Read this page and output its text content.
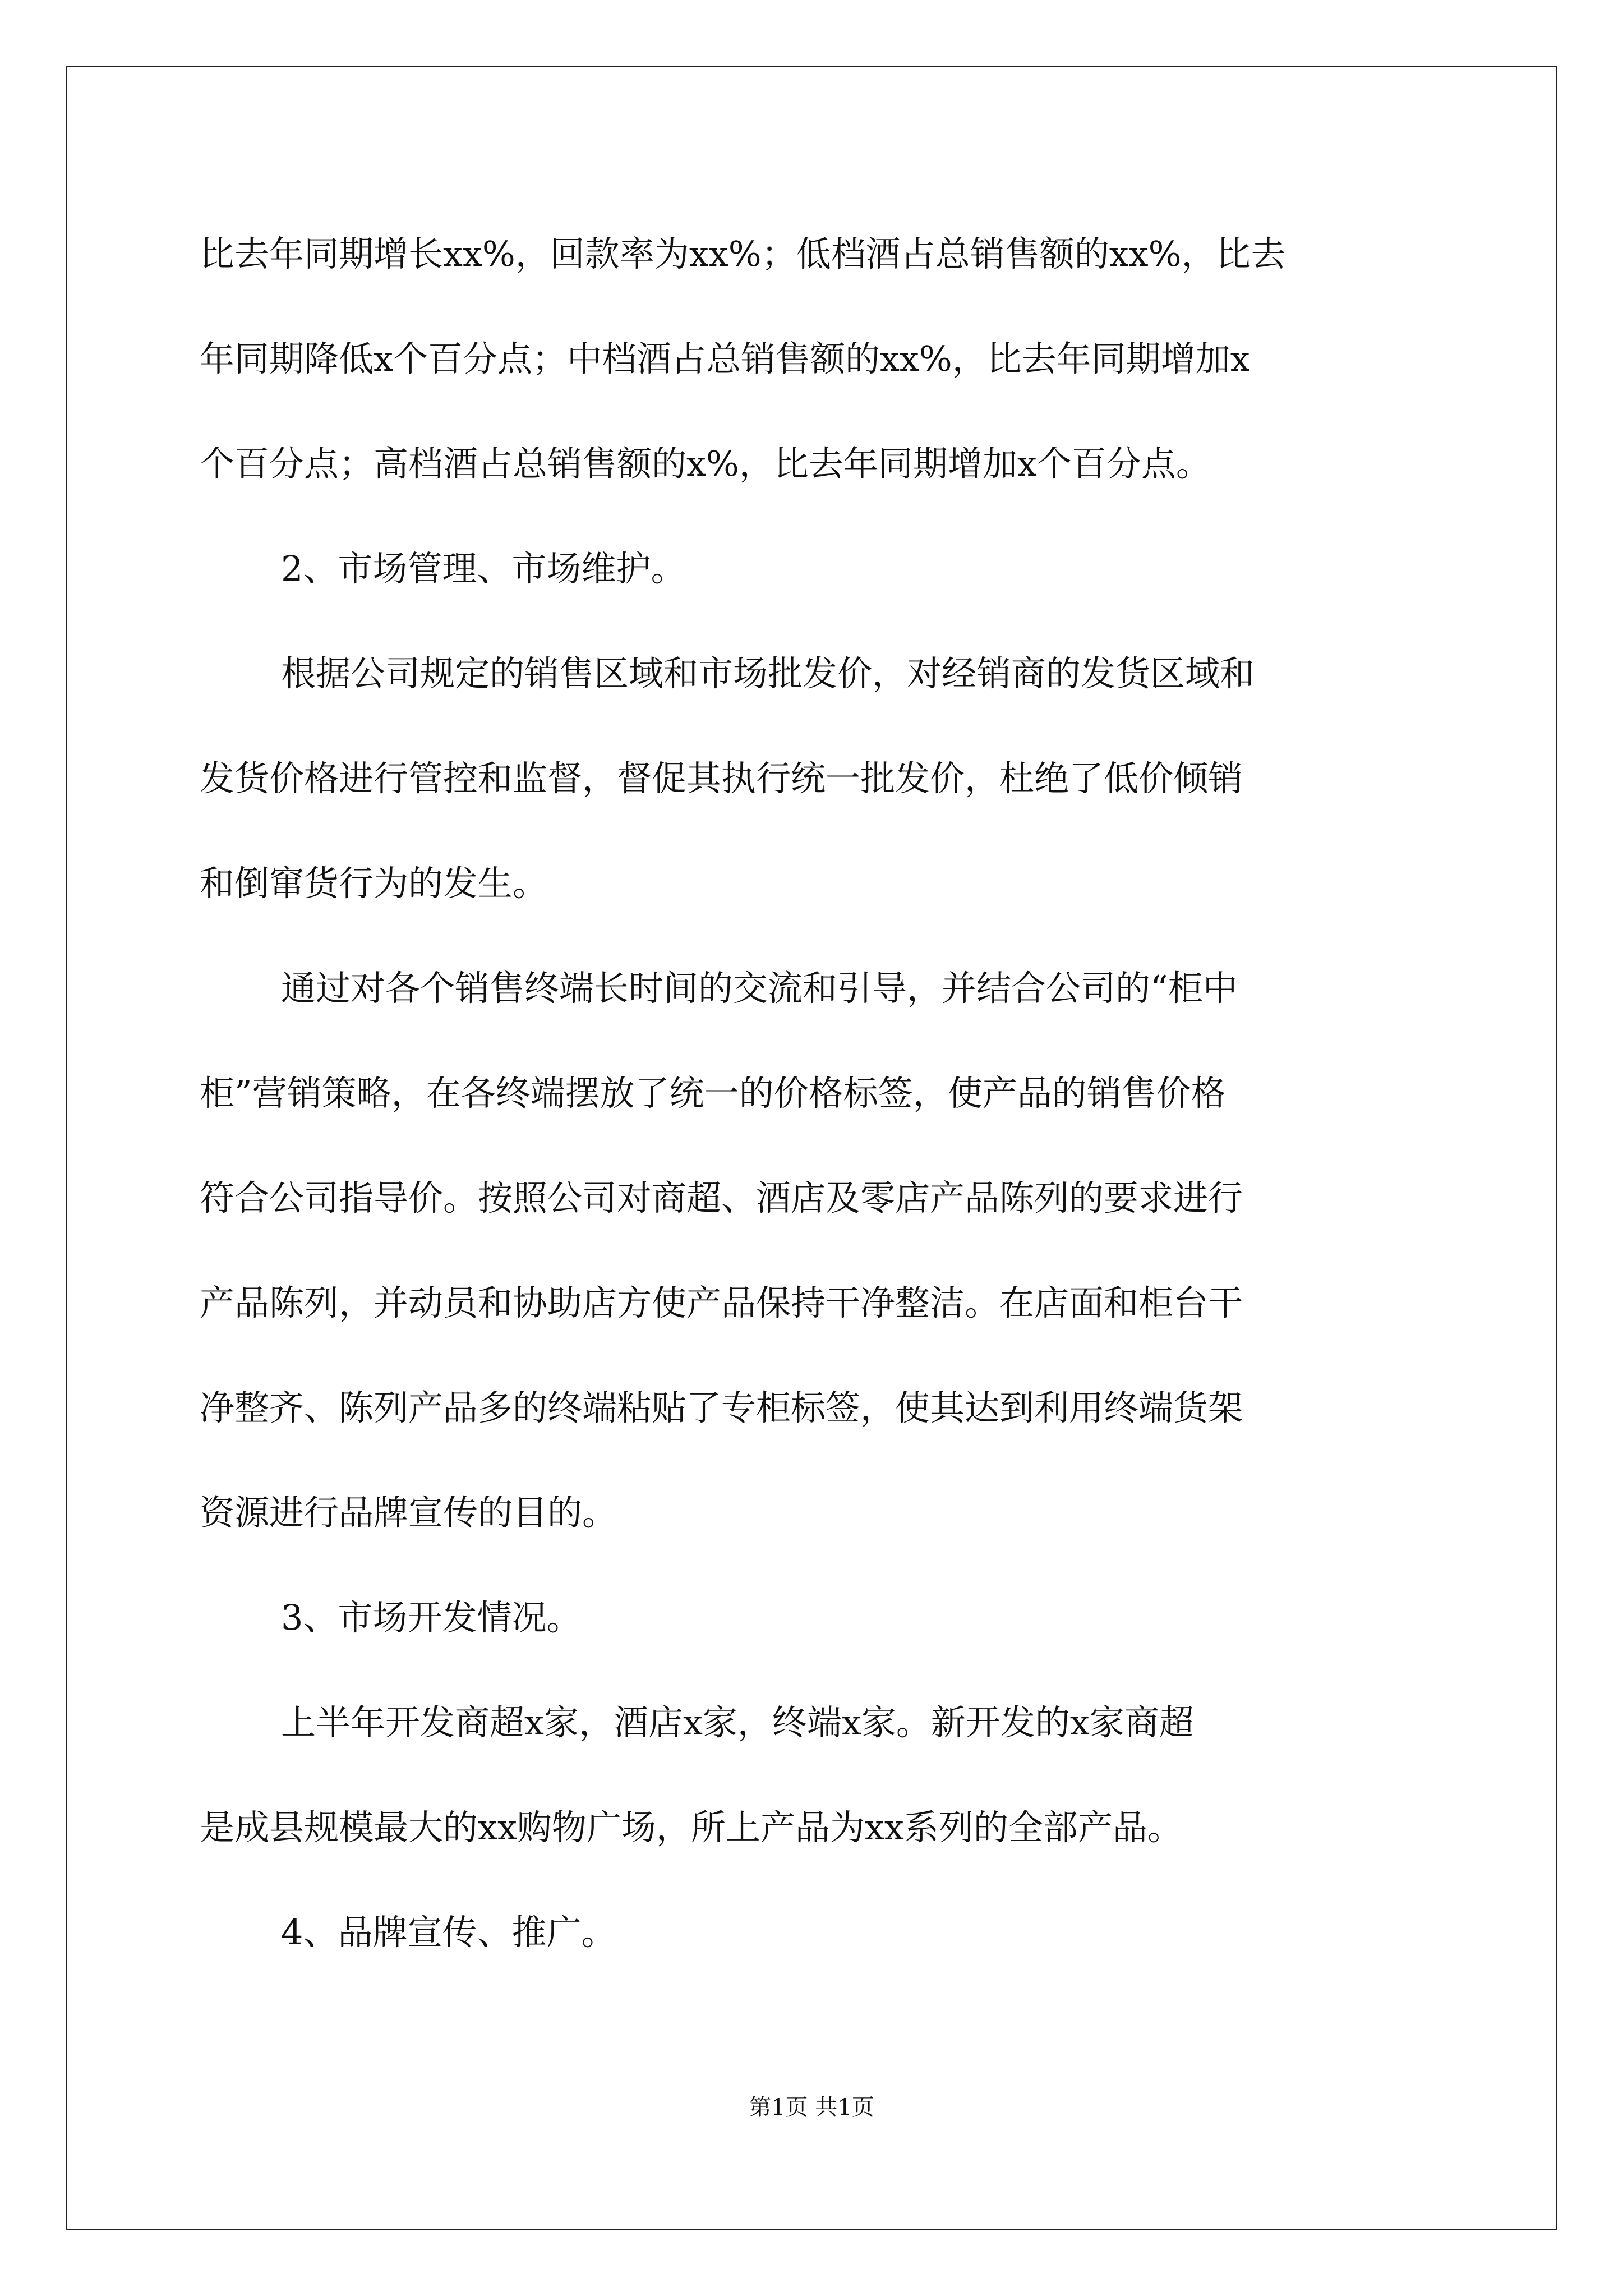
比去年同期增长xx%，回款率为xx%；低档酒占总销售额的xx%，比去
年同期降低x个百分点；中档酒占总销售额的xx%，比去年同期增加x
个百分点；高档酒占总销售额的x%，比去年同期增加x个百分点。
2、市场管理、市场维护。
根据公司规定的销售区域和市场批发价，对经销商的发货区域和
发货价格进行管控和监督，督促其执行统一批发价，杜绝了低价倾销
和倒窜货行为的发生。
通过对各个销售终端长时间的交流和引导，并结合公司的“柜中
柜”营销策略，在各终端摆放了统一的价格标签，使产品的销售价格
符合公司指导价。按照公司对商超、酒店及零店产品陈列的要求进行
产品陈列，并动员和协助店方使产品保持干净整洁。在店面和柜台干
净整齐、陈列产品多的终端粘贴了专柜标签，使其达到利用终端货架
资源进行品牌宣传的目的。
3、市场开发情况。
上半年开发商超x家，酒店x家，终端x家。新开发的x家商超
是成县规模最大的xx购物广场，所上产品为xx系列的全部产品。
4、品牌宣传、推广。
第1页 共1页
